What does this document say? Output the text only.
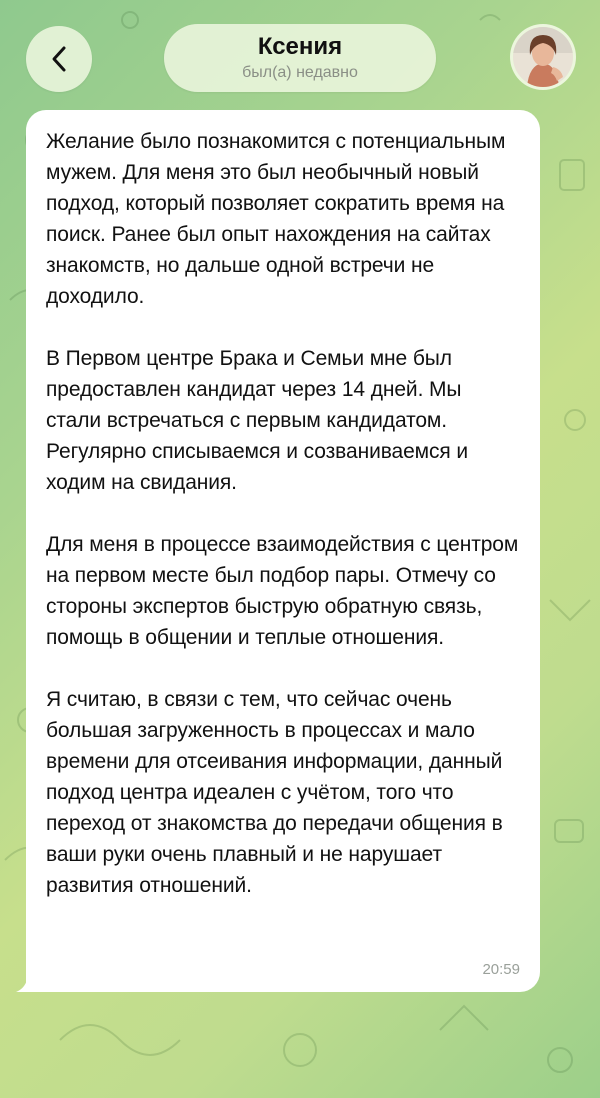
Ксения
был(а) недавно

Желание было познакомится с потенциальным мужем. Для меня это был необычный новый подход, который позволяет сократить время на поиск. Ранее был опыт нахождения на сайтах знакомств, но дальше одной встречи не доходило.

В Первом центре Брака и Семьи мне был предоставлен кандидат через 14 дней. Мы стали встречаться с первым кандидатом. Регулярно списываемся и созваниваемся и ходим на свидания.

Для меня в процессе взаимодействия с центром на первом месте был подбор пары. Отмечу со стороны экспертов быструю обратную связь, помощь в общении и теплые отношения.

Я считаю, в связи с тем, что сейчас очень большая загруженность в процессах и мало времени для отсеивания информации, данный подход центра идеален с учётом, того что переход от знакомства до передачи общения в ваши руки очень плавный и не нарушает развития отношений.

20:59
